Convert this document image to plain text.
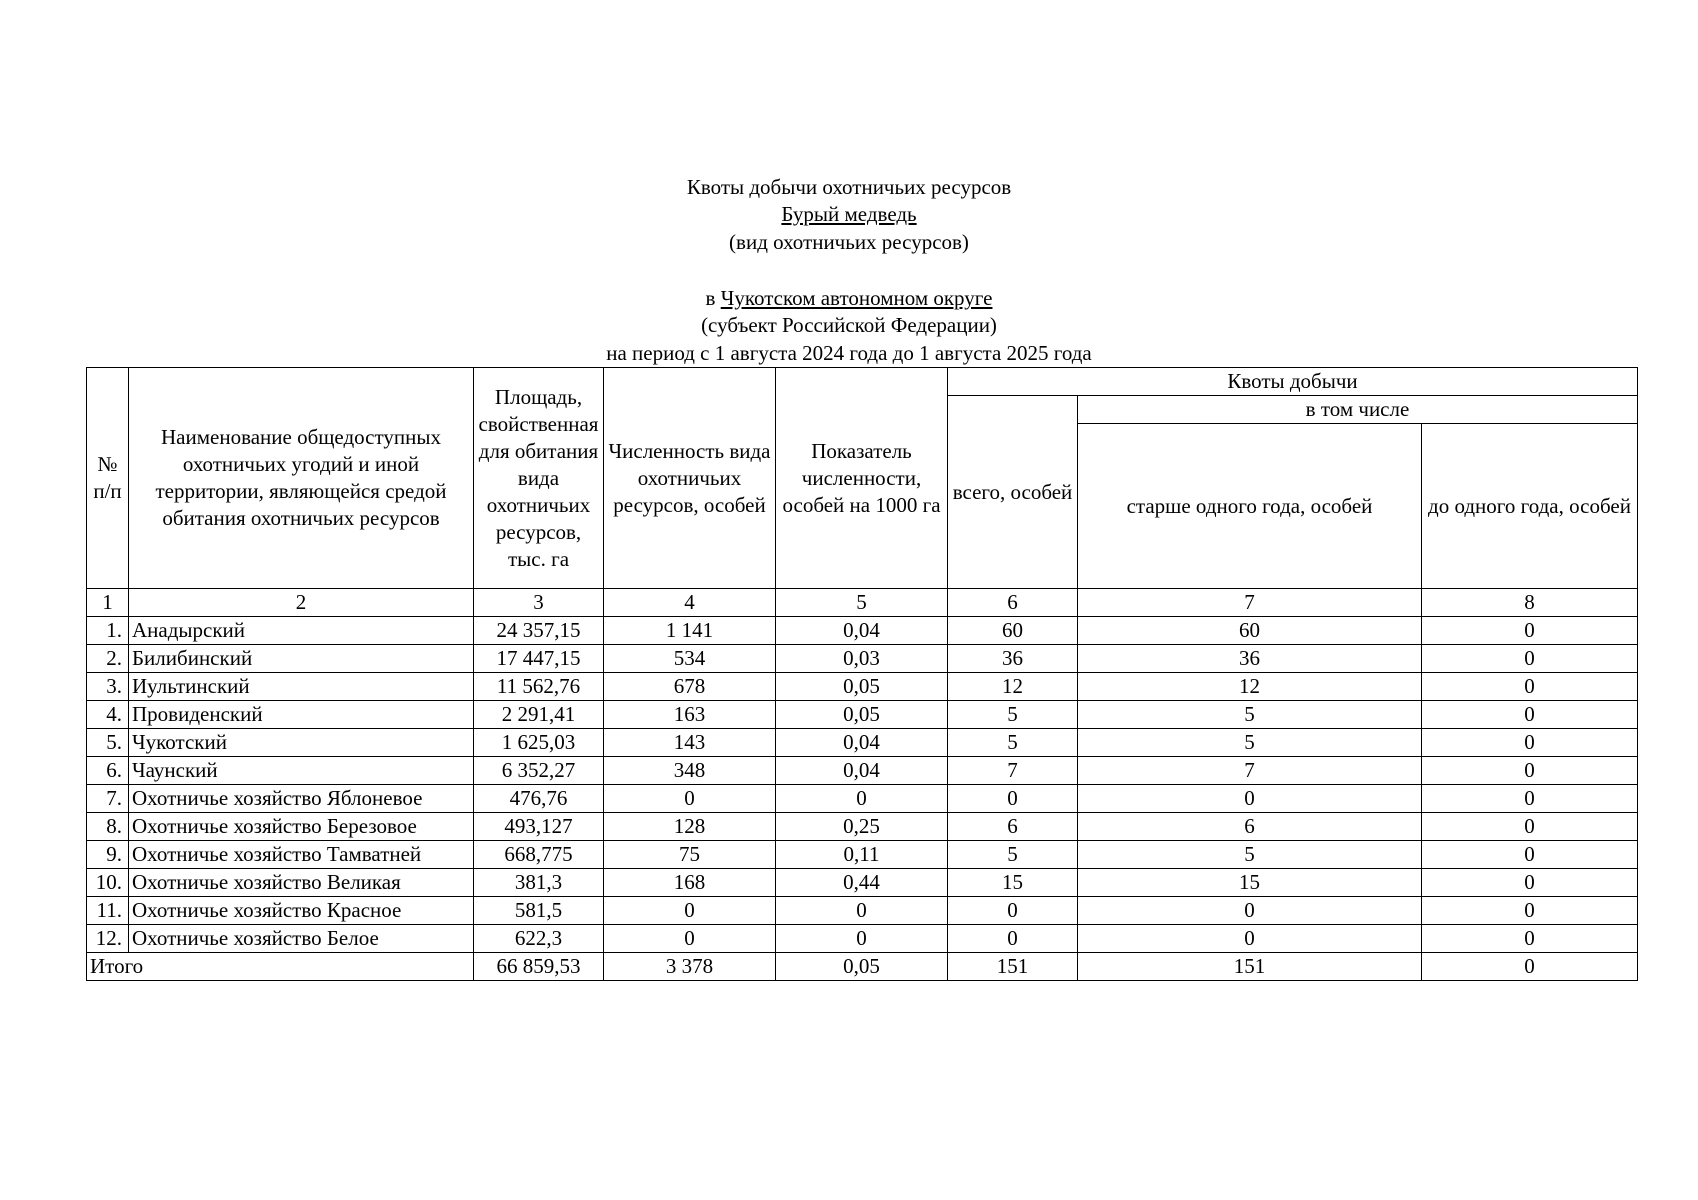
Квоты добычи охотничьих ресурсов
Бурый медведь
(вид охотничьих ресурсов)
в Чукотском автономном округе
(субъект Российской Федерации)
на период с 1 августа 2024 года до 1 августа 2025 года
№ п/п	Наименование общедоступных охотничьих угодий и иной территории, являющейся средой обитания охотничьих ресурсов	Площадь, свойственная для обитания вида охотничьих ресурсов, тыс. га	Численность вида охотничьих ресурсов, особей	Показатель численности, особей на 1000 га	Квоты добычи		
					всего, особей	в том числе	
						старше одного года, особей	до одного года, особей
1	2	3	4	5	6	7	8
1.	Анадырский	24 357,15	1 141	0,04	60	60	0
2.	Билибинский	17 447,15	534	0,03	36	36	0
3.	Иультинский	11 562,76	678	0,05	12	12	0
4.	Провиденский	2 291,41	163	0,05	5	5	0
5.	Чукотский	1 625,03	143	0,04	5	5	0
6.	Чаунский	6 352,27	348	0,04	7	7	0
7.	Охотничье хозяйство Яблоневое	476,76	0	0	0	0	0
8.	Охотничье хозяйство Березовое	493,127	128	0,25	6	6	0
9.	Охотничье хозяйство Тамватней	668,775	75	0,11	5	5	0
10.	Охотничье хозяйство Великая	381,3	168	0,44	15	15	0
11.	Охотничье хозяйство Красное	581,5	0	0	0	0	0
12.	Охотничье хозяйство Белое	622,3	0	0	0	0	0
Итого		66 859,53	3 378	0,05	151	151	0
